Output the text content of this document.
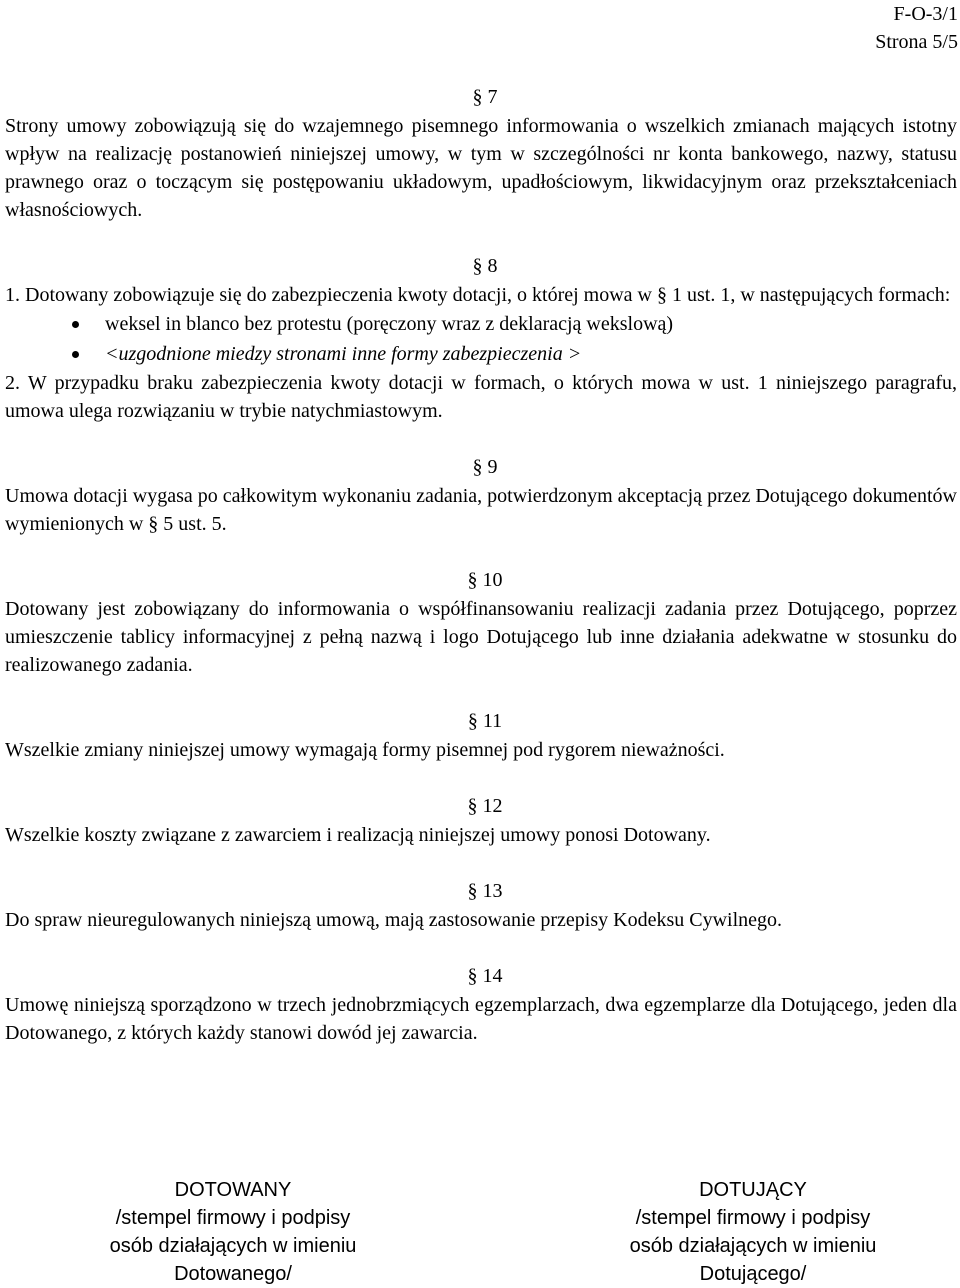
F-O-3/1
Strona 5/5
§ 7

Strony umowy zobowiązują się do wzajemnego pisemnego informowania o wszelkich zmianach mających istotny wpływ na realizację postanowień niniejszej umowy, w tym w szczególności nr konta bankowego, nazwy, statusu prawnego oraz o toczącym się postępowaniu układowym, upadłościowym, likwidacyjnym oraz przekształceniach własnościowych.

§ 8

1. Dotowany zobowiązuje się do zabezpieczenia kwoty dotacji, o której mowa w § 1 ust. 1, w następujących formach:

weksel in blanco bez protestu (poręczony wraz z deklaracją wekslową)
<uzgodnione miedzy stronami inne formy zabezpieczenia >

2. W przypadku braku zabezpieczenia kwoty dotacji w formach, o których mowa w ust. 1 niniejszego paragrafu, umowa ulega rozwiązaniu w trybie natychmiastowym.

§ 9

Umowa dotacji wygasa po całkowitym wykonaniu zadania, potwierdzonym akceptacją przez Dotującego dokumentów wymienionych w § 5 ust. 5.

§ 10

Dotowany jest zobowiązany do informowania o współfinansowaniu realizacji zadania przez Dotującego, poprzez umieszczenie tablicy informacyjnej z pełną nazwą i logo Dotującego lub inne działania adekwatne w stosunku do realizowanego zadania.

§ 11

Wszelkie zmiany niniejszej umowy wymagają formy pisemnej pod rygorem nieważności.

§ 12

Wszelkie koszty związane z zawarciem i realizacją niniejszej umowy ponosi Dotowany.

§ 13

Do spraw nieuregulowanych niniejszą umową, mają zastosowanie przepisy Kodeksu Cywilnego.

§ 14

Umowę niniejszą sporządzono w trzech jednobrzmiących egzemplarzach, dwa egzemplarze dla Dotującego, jeden dla Dotowanego, z których każdy stanowi dowód jej zawarcia.

DOTOWANY
/stempel firmowy i podpisy
osób działających w imieniu
Dotowanego/
DOTUJĄCY
/stempel firmowy i podpisy
osób działających w imieniu
Dotującego/
